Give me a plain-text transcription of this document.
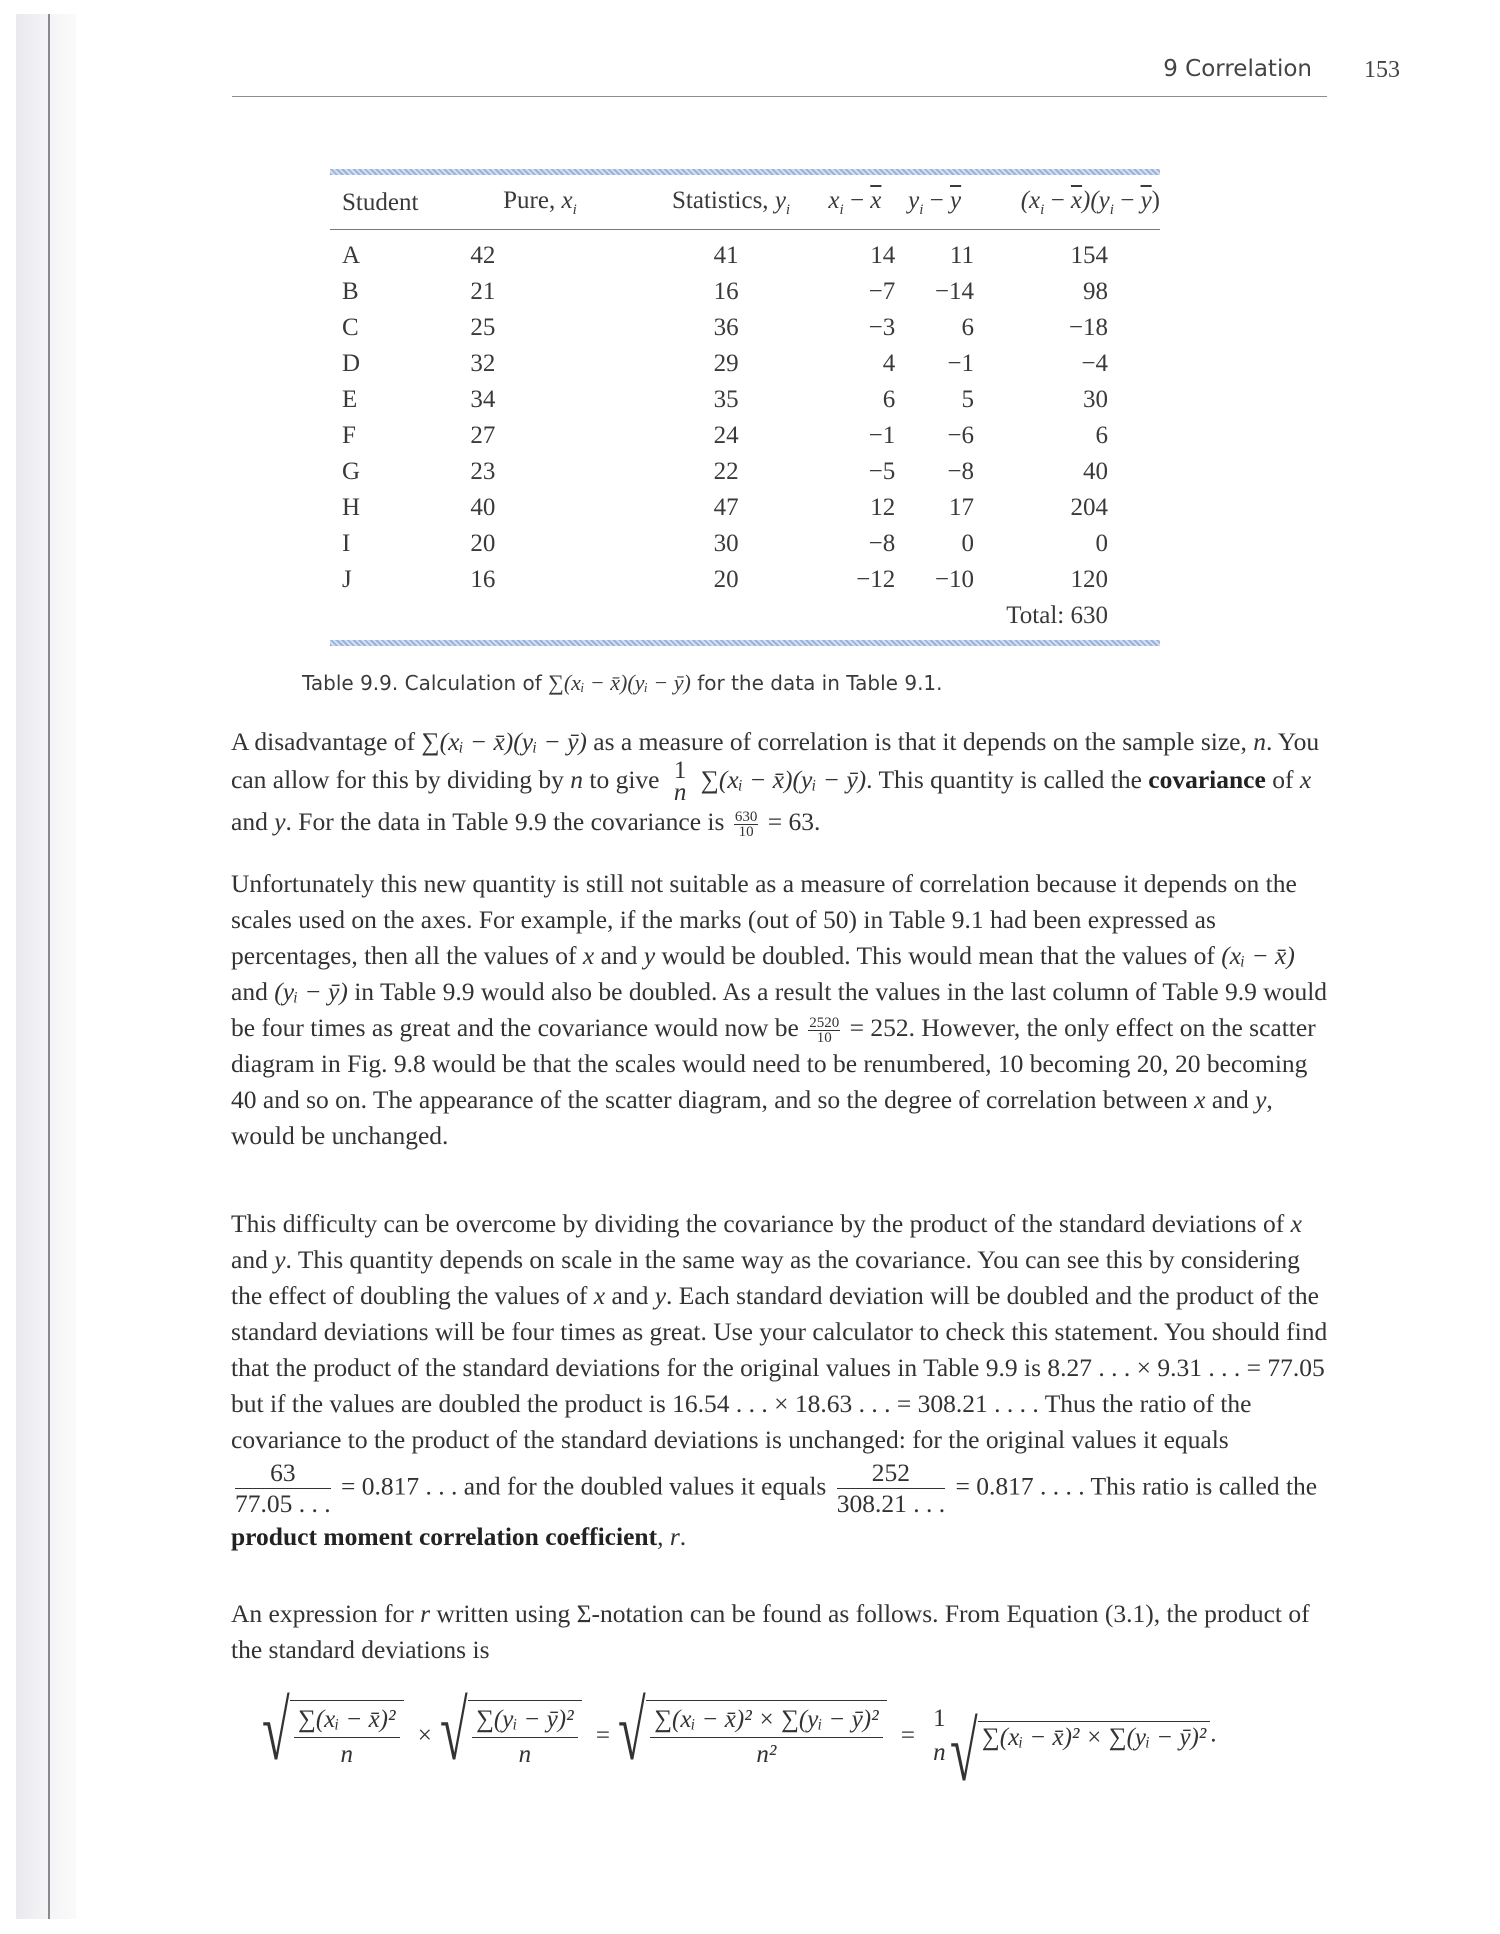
9 Correlation 153
Student	Pure, $x_i$	Statistics, $y_i$	$x_i - \overline{x}$	$y_i - \overline{y}$	$(x_i - \overline{x})(y_i - \overline{y})$

A	42	41	14	11	154
B	21	16	−7	−14	98
C	25	36	−3	6	−18
D	32	29	4	−1	−4
E	34	35	6	5	30
F	27	24	−1	−6	6
G	23	22	−5	−8	40
H	40	47	12	17	204
I	20	30	−8	0	0
J	16	20	−12	−10	120
Total: 630					

Table 9.9. Calculation of ∑(xᵢ − x̄)(yᵢ − ȳ) for the data in Table 9.1.
A disadvantage of ∑(xᵢ − x̄)(yᵢ − ȳ) as a measure of correlation is that it depends on the sample size, n. You can allow for this by dividing by n to give 1
n ∑(xᵢ − x̄)(yᵢ − ȳ). This quantity is called the covariance of x and y. For the data in Table 9.9 the covariance is $\frac{630}{10} = 63$.
Unfortunately this new quantity is still not suitable as a measure of correlation because it depends on the scales used on the axes. For example, if the marks (out of 50) in Table 9.1 had been expressed as percentages, then all the values of x and y would be doubled. This would mean that the values of (xᵢ − x̄) and (yᵢ − ȳ) in Table 9.9 would also be doubled. As a result the values in the last column of Table 9.9 would be four times as great and the covariance would now be $\frac{2520}{10} = 252$. However, the only effect on the scatter diagram in Fig. 9.8 would be that the scales would need to be renumbered, 10 becoming 20, 20 becoming 40 and so on. The appearance of the scatter diagram, and so the degree of correlation between x and y, would be unchanged.
This difficulty can be overcome by dividing the covariance by the product of the standard deviations of x and y. This quantity depends on scale in the same way as the covariance. You can see this by considering the effect of doubling the values of x and y. Each standard deviation will be doubled and the product of the standard deviations will be four times as great. Use your calculator to check this statement. You should find that the product of the standard deviations for the original values in Table 9.9 is 8.27 . . . × 9.31 . . . = 77.05 but if the values are doubled the product is 16.54 . . . × 18.63 . . . = 308.21 . . . . Thus the ratio of the covariance to the product of the standard deviations is unchanged: for the original values it equals
$\frac{63}{77.05 . . .} = 0.817$ . . . and for the doubled values it equals $\frac{252}{308.21 . . .} = 0.817$ . . . . This ratio is called the product moment correlation coefficient, r.
An expression for r written using Σ-notation can be found as follows. From Equation (3.1), the product of the standard deviations is
√ $\frac{\text{∑(xᵢ − x̄)²}}{n}$ × √ $\frac{\text{∑(yᵢ − ȳ)²}}{n}$ = √ $\frac{\text{∑(xᵢ − x̄)² × ∑(yᵢ − ȳ)²}}{\text{n²}}$ =
1
n √ ∑(xᵢ − x̄)² × ∑(yᵢ − ȳ)² .
